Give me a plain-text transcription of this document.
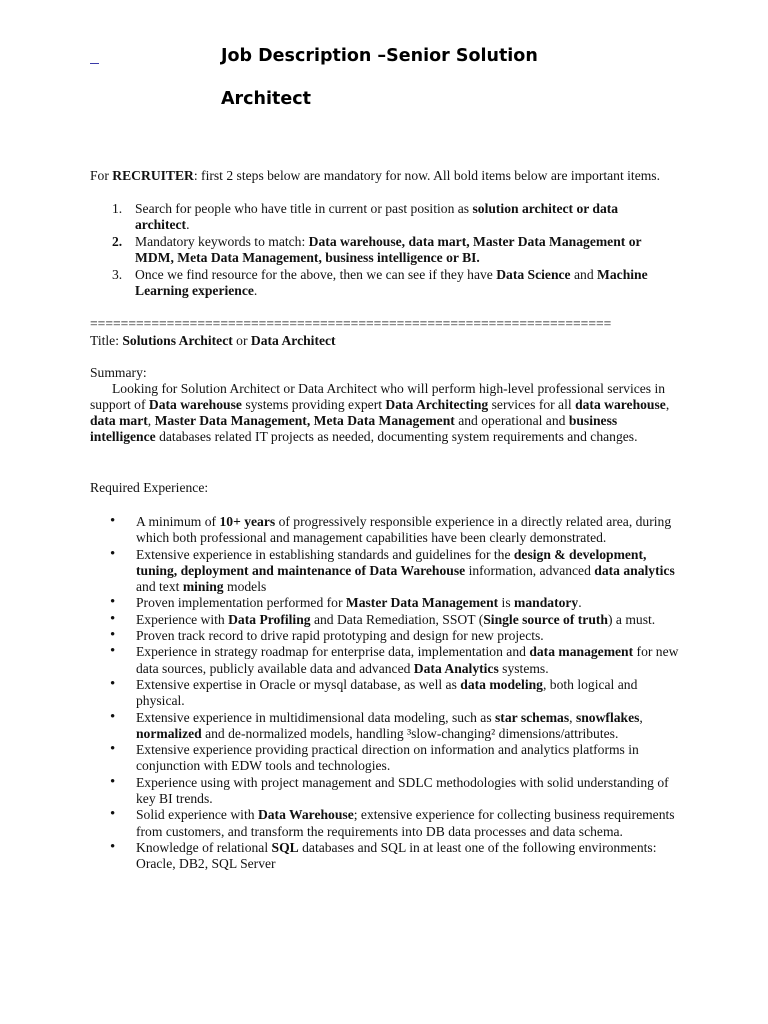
Job Description –Senior Solution
Architect
For RECRUITER: first 2 steps below are mandatory for now. All bold items below are important items.
1. Search for people who have title in current or past position as solution architect or data architect.
2. Mandatory keywords to match: Data warehouse, data mart, Master Data Management or MDM, Meta Data Management, business intelligence or BI.
3. Once we find resource for the above, then we can see if they have Data Science and Machine Learning experience.
====================================================================
Title: Solutions Architect or Data Architect
Summary:
Looking for Solution Architect or Data Architect who will perform high-level professional services in support of Data warehouse systems providing expert Data Architecting services for all data warehouse, data mart, Master Data Management, Meta Data Management and operational and business intelligence databases related IT projects as needed, documenting system requirements and changes.
Required Experience:
• A minimum of 10+ years of progressively responsible experience in a directly related area, during which both professional and management capabilities have been clearly demonstrated.
• Extensive experience in establishing standards and guidelines for the design & development, tuning, deployment and maintenance of Data Warehouse information, advanced data analytics and text mining models
• Proven implementation performed for Master Data Management is mandatory.
• Experience with Data Profiling and Data Remediation, SSOT (Single source of truth) a must.
• Proven track record to drive rapid prototyping and design for new projects.
• Experience in strategy roadmap for enterprise data, implementation and data management for new data sources, publicly available data and advanced Data Analytics systems.
• Extensive expertise in Oracle or mysql database, as well as data modeling, both logical and physical.
• Extensive experience in multidimensional data modeling, such as star schemas, snowflakes, normalized and de-normalized models, handling ³slow-changing² dimensions/attributes.
• Extensive experience providing practical direction on information and analytics platforms in conjunction with EDW tools and technologies.
• Experience using with project management and SDLC methodologies with solid understanding of key BI trends.
• Solid experience with Data Warehouse; extensive experience for collecting business requirements from customers, and transform the requirements into DB data processes and data schema.
• Knowledge of relational SQL databases and SQL in at least one of the following environments: Oracle, DB2, SQL Server
